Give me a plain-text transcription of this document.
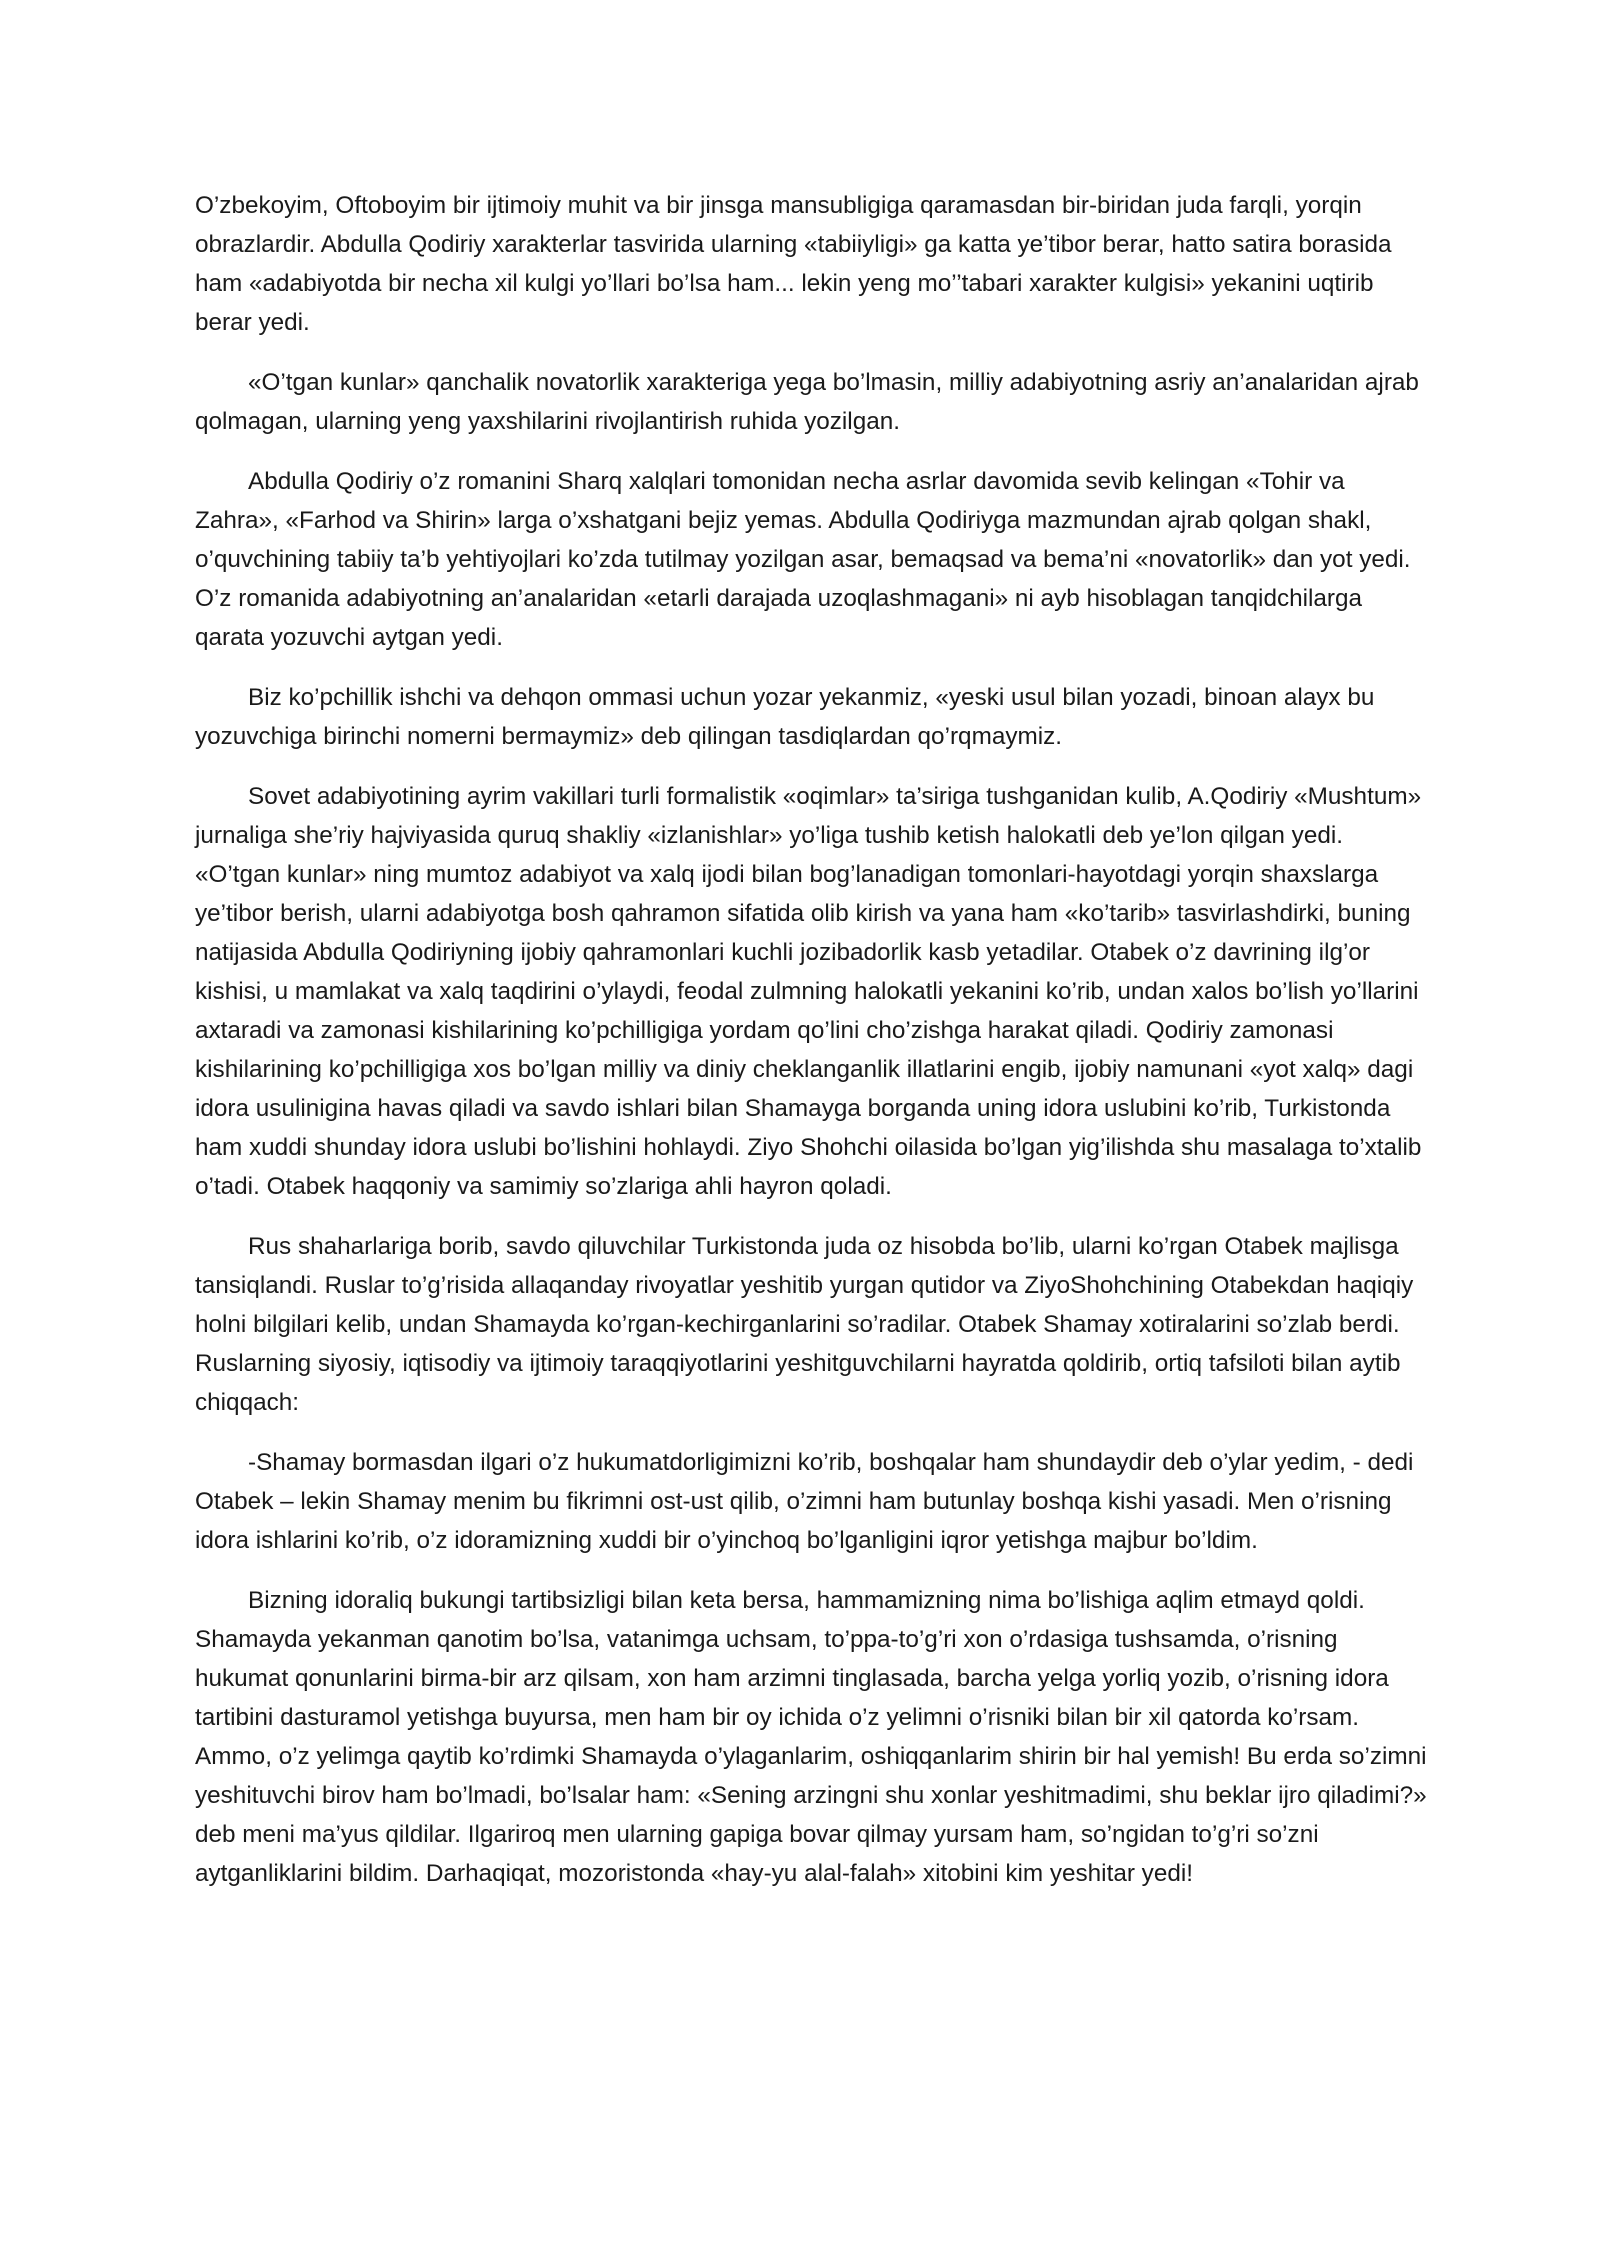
O’zbekoyim, Oftoboyim bir ijtimoiy muhit va bir jinsga mansubligiga qaramasdan bir-biridan juda farqli, yorqin obrazlardir. Abdulla Qodiriy xarakterlar tasvirida ularning «tabiiyligi» ga katta ye’tibor berar, hatto satira borasida ham «adabiyotda bir necha xil kulgi yo’llari bo’lsa ham... lekin yeng mo’’tabari xarakter kulgisi» yekanini uqtirib berar yedi.

«O’tgan kunlar» qanchalik novatorlik xarakteriga yega bo’lmasin, milliy adabiyotning asriy an’analaridan ajrab qolmagan, ularning yeng yaxshilarini rivojlantirish ruhida yozilgan.

Abdulla Qodiriy o’z romanini Sharq xalqlari tomonidan necha asrlar davomida sevib kelingan «Tohir va Zahra», «Farhod va Shirin» larga o’xshatgani bejiz yemas. Abdulla Qodiriyga mazmundan ajrab qolgan shakl, o’quvchining tabiiy ta’b yehtiyojlari ko’zda tutilmay yozilgan asar, bemaqsad va bema’ni «novatorlik» dan yot yedi. O’z romanida adabiyotning an’analaridan «etarli darajada uzoqlashmagani» ni ayb hisoblagan tanqidchilarga qarata yozuvchi aytgan yedi.

Biz ko’pchillik ishchi va dehqon ommasi uchun yozar yekanmiz, «yeski usul bilan yozadi, binoan alayx bu yozuvchiga birinchi nomerni bermaymiz» deb qilingan tasdiqlardan qo’rqmaymiz.

Sovet adabiyotining ayrim vakillari turli formalistik «oqimlar» ta’siriga tushganidan kulib, A.Qodiriy «Mushtum» jurnaliga she’riy hajviyasida quruq shakliy «izlanishlar» yo’liga tushib ketish halokatli deb ye’lon qilgan yedi. «O’tgan kunlar» ning mumtoz adabiyot va xalq ijodi bilan bog’lanadigan tomonlari-hayotdagi yorqin shaxslarga ye’tibor berish, ularni adabiyotga bosh qahramon sifatida olib kirish va yana ham «ko’tarib» tasvirlashdirki, buning natijasida Abdulla Qodiriyning ijobiy qahramonlari kuchli jozibadorlik kasb yetadilar. Otabek o’z davrining ilg’or kishisi, u mamlakat va xalq taqdirini o’ylaydi, feodal zulmning halokatli yekanini ko’rib, undan xalos bo’lish yo’llarini axtaradi va zamonasi kishilarining ko’pchilligiga yordam qo’lini cho’zishga harakat qiladi. Qodiriy zamonasi kishilarining ko’pchilligiga xos bo’lgan milliy va diniy cheklanganlik illatlarini engib, ijobiy namunani «yot xalq» dagi idora usulinigina havas qiladi va savdo ishlari bilan Shamayga borganda uning idora uslubini ko’rib, Turkistonda ham xuddi shunday idora uslubi bo’lishini hohlaydi. Ziyo Shohchi oilasida bo’lgan yig’ilishda shu masalaga to’xtalib o’tadi. Otabek haqqoniy va samimiy so’zlariga ahli hayron qoladi.

Rus shaharlariga borib, savdo qiluvchilar Turkistonda juda oz hisobda bo’lib, ularni ko’rgan Otabek majlisga tansiqlandi. Ruslar to’g’risida allaqanday rivoyatlar yeshitib yurgan qutidor va ZiyoShohchining Otabekdan haqiqiy holni bilgilari kelib, undan Shamayda ko’rgan-kechirganlarini so’radilar. Otabek Shamay xotiralarini so’zlab berdi. Ruslarning siyosiy, iqtisodiy va ijtimoiy taraqqiyotlarini yeshitguvchilarni hayratda qoldirib, ortiq tafsiloti bilan aytib chiqqach:

-Shamay bormasdan ilgari o’z hukumatdorligimizni ko’rib, boshqalar ham shundaydir deb o’ylar yedim, - dedi Otabek – lekin Shamay menim bu fikrimni ost-ust qilib, o’zimni ham butunlay boshqa kishi yasadi. Men o’risning idora ishlarini ko’rib, o’z idoramizning xuddi bir o’yinchoq bo’lganligini iqror yetishga majbur bo’ldim.

Bizning idoraliq bukungi tartibsizligi bilan keta bersa, hammamizning nima bo’lishiga aqlim etmayd qoldi. Shamayda yekanman qanotim bo’lsa, vatanimga uchsam, to’ppa-to’g’ri xon o’rdasiga tushsamda, o’risning hukumat qonunlarini birma-bir arz qilsam, xon ham arzimni tinglasada, barcha yelga yorliq yozib, o’risning idora tartibini dasturamol yetishga buyursa, men ham bir oy ichida o’z yelimni o’risniki bilan bir xil qatorda ko’rsam. Ammo, o’z yelimga qaytib ko’rdimki Shamayda o’ylaganlarim, oshiqqanlarim shirin bir hal yemish! Bu erda so’zimni yeshituvchi birov ham bo’lmadi, bo’lsalar ham: «Sening arzingni shu xonlar yeshitmadimi, shu beklar ijro qiladimi?» deb meni ma’yus qildilar. Ilgariroq men ularning gapiga bovar qilmay yursam ham, so’ngidan to’g’ri so’zni aytganliklarini bildim. Darhaqiqat, mozoristonda «hay-yu alal-falah» xitobini kim yeshitar yedi!
